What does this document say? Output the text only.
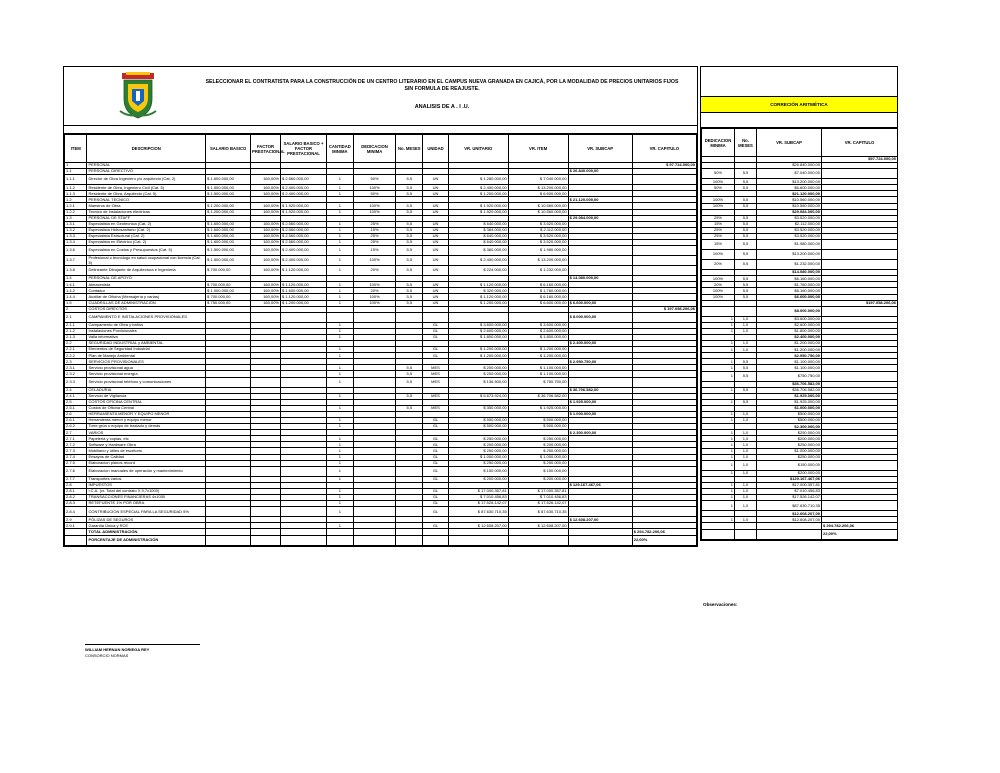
SELECCIONAR EL CONTRATISTA PARA LA CONSTRUCCIÓN DE UN CENTRO LITERARIO EN EL CAMPUS NUEVA GRANADA EN CAJICÁ, POR LA MODALIDAD DE PRECIOS UNITARIOS FIJOS SIN FORMULA DE REAJUSTE.
ANALISIS DE A . I .U.
ITEM	DESCRIPCION	SALARIO BASICO	FACTOR PRESTACIONAL	SALARIO BASICO + FACTOR PRESTACIONAL	CANTIDAD MINIMA	DEDICACION MINIMA	No. MESES	UNIDAD	VR. UNITARIO	VR. ITEM	VR. SUBCAP	VR. CAPITULO
1	PERSONAL											$ 97.724.000,00
1.1	PERSONAL DIRECTIVO										$ 26.840.000,00	
1.1.1	Director de Obra Ingeniero y/o arquitecto (Cat. 2)	$ 1.600.000,00	160,00%	$ 2.560.000,00	1	50%	5,5	UN	$ 1.280.000,00	$ 7.040.000,00		
1.1.2	Residente de Obra, Ingeniero Civil (Cat. 5)	$ 1.500.000,00	160,00%	$ 2.400.000,00	1	100%	5,5	UN	$ 2.400.000,00	$ 13.200.000,00		
1.1.3	Residente de Obra, Arquitecto (Cat. 5)	$ 1.500.000,00	160,00%	$ 2.400.000,00	1	50%	5,5	UN	$ 1.200.000,00	$ 6.600.000,00		
1.2	PERSONAL TECNICO										$ 21.120.000,00	
1.2.1	Maestros de Obra	$ 1.200.000,00	160,00%	$ 1.920.000,00	1	100%	5,5	UN	$ 1.920.000,00	$ 10.560.000,00		
1.2.2	Tecnico de instalaciones electricas	$ 1.200.000,00	160,00%	$ 1.920.000,00	1	100%	5,5	UN	$ 1.920.000,00	$ 10.560.000,00		
1.3	PERSONAL DE STAFF										$ 29.084.000,00	
1.3.1	Especialista en Geotecnica (Cat. 2)	$ 1.600.000,00	160,00%	$ 2.560.000,00	1	25%	5,5	UN	$ 640.000,00	$ 3.520.000,00		
1.3.2	Especialista Hidrosanitario (Cat. 2)	$ 1.600.000,00	160,00%	$ 2.560.000,00	1	15%	5,5	UN	$ 384.000,00	$ 2.112.000,00		
1.3.3	Especialista Estructural (Cat. 2)	$ 1.600.000,00	160,00%	$ 2.560.000,00	1	25%	5,5	UN	$ 640.000,00	$ 3.520.000,00		
1.3.4	Especialista en Eléctrico (Cat. 2)	$ 1.600.000,00	160,00%	$ 2.560.000,00	1	25%	5,5	UN	$ 640.000,00	$ 3.520.000,00		
1.3.6	Especialista en Costos y Presupuestos (Cat. 5)	$ 1.500.000,00	160,00%	$ 2.400.000,00	1	15%	5,5	UN	$ 360.000,00	$ 1.980.000,00		
1.3.7	Profesional o tecnólogo en salud ocupacional con licencia (Cat. 5)	$ 1.500.000,00	160,00%	$ 2.400.000,00	1	100%	5,5	UN	$ 2.400.000,00	$ 13.200.000,00		
1.3.8	Delineante Dibujante de Arquitectura e Ingenieria	$ 700.000,00	160,00%	$ 1.120.000,00	1	20%	5,5	UN	$ 224.000,00	$ 1.232.000,00		
1.4	PERSONAL DE APOYO										$ 14.080.000,00	
1.4.1	Almacenista	$ 700.000,00	160,00%	$ 1.120.000,00	1	100%	5,5	UN	$ 1.120.000,00	$ 6.160.000,00		
1.4.2	Contador	$ 1.000.000,00	160,00%	$ 1.600.000,00	1	20%	5,5	UN	$ 320.000,00	$ 1.760.000,00		
1.4.4	Auxiliar de Oficina (Mensajería y varias)	$ 700.000,00	160,00%	$ 1.120.000,00	1	100%	5,5	UN	$ 1.120.000,00	$ 6.160.000,00		
1.5	CUADRILLAS DE ADMINISTRACIÓN	$ 750.000,00	160,00%	$ 1.200.000,00	1	100%	5,5	UN	$ 1.200.000,00	$ 6.600.000,00	$ 6.600.000,00	
2	COSTOS DIRECTOS											$ 197.058.206,06
2.1	CAMPAMENTO E INSTALACIONES PROVISIONALES										$ 8.000.000,00	
2.1.1	Campamento de Obra y baños				1			GL	$ 3.600.000,00	$ 3.600.000,00		
2.1.2	Instalaciones Provisionales				1			GL	$ 2.600.000,00	$ 2.600.000,00		
2.1.3	Valla informativa				1			GL	$ 1.800.000,00	$ 1.800.000,00		
2.2	SEGURIDAD INDUSTRIAL y AMBIENTAL										$ 2.400.000,00	
2.2.1	Elementos de Seguridad Industrial				1			GL	$ 1.200.000,00	$ 1.200.000,00		
2.2.2	Plan de Manejo Ambiental				1			GL	$ 1.200.000,00	$ 1.200.000,00		
2.3	SERVICIOS PROVISIONALES										$ 2.950.750,00	
2.3.1	Servicio provisional agua				1		5,5	MES	$ 200.000,00	$ 1.100.000,00		
2.3.2	Servicio provisional energía				1		5,5	MES	$ 200.000,00	$ 1.100.000,00		
2.3.3	Servicio provisional teléfono y comunicaciones				1		5,5	MES	$ 136.500,00	$ 750.750,00		
2.4	CELADURIA										$ 36.706.582,00	
2.4.1	Servicio de Vigilancia				1		5,5	MES	$ 6.673.924,00	$ 36.706.582,00		
2.5	COSTOS OFICINA CENTRAL										$ 1.925.000,00	
2.5.1	Costos de Oficina Central				1		5,5	MES	$ 350.000,00	$ 1.925.000,00		
2.6	HERRAMIENTA MENOR Y EQUIPO MENOR										$ 1.000.000,00	
2.6.1	Herramienta menor y equipo menor				1			GL	$ 500.000,00	$ 500.000,00		
2.6.2	Torre grúa o equipo de traslado y demás				1			GL	$ 500.000,00	$ 500.000,00		
2.7	VARIOS										$ 2.300.000,00	
2.7.1	Papeleria y copias, etc				1			GL	$ 250.000,00	$ 250.000,00		
2.7.2	Software y Hardware Obra				1			GL	$ 200.000,00	$ 200.000,00		
2.7.3	Mobiliario y útiles de escritorio				1			GL	$ 250.000,00	$ 250.000,00		
2.7.4	Ensayos de Calidad				1			GL	$ 1.000.000,00	$ 1.000.000,00		
2.7.5	Elaboracion planos récord				1			GL	$ 250.000,00	$ 250.000,00		
2.7.6	Elaboracion manuales de operación y mantenimiento				1			GL	$ 150.000,00	$ 150.000,00		
2.7.7	Transportes varios				1			GL	$ 200.000,00	$ 200.000,00		
2.8	IMPUESTOS										$ 129.167.467,06	
2.8.1	I.C.A. (vr. Total del contrato X 9,7x1000)				1			GL	$ 17.000.357,81	$ 17.000.357,81		
2.8.2	TRANSACCIONES FINANCIERAS 4x1000				1			GL	$ 7.010.456,83	$ 7.010.456,83		
2.8.3	RETEFUENTE 1% POR OBRA				1			GL	$ 17.526.142,07	$ 17.526.142,07		
2.8.4	CONTRIBUCION ESPECIAL PARA LA SEGURIDAD 5%				1			GL	$ 87.630.710,35	$ 87.630.710,35		
2.9	PÓLIZAS DE SEGUROS										$ 12.608.207,00	
2.9.1	Garantía Única y RCE				1			GL	$ 12.608.207,00	$ 12.608.207,00		
	TOTAL ADMINISTRACIÓN											$ 294.782.206,06
	PORCENTAJE DE ADMINISTRACIÓN											22,00%
CORRECIÓN ARITMÉTICA
DEDICACION MINIMA	No. MESES	VR. SUBCAP	VR. CAPITULO
			$97.724.000,00
		$26.840.000,00	
50%	5,5	$7.040.000,00	
100%	5,5	$13.200.000,00	
50%	5,5	$6.600.000,00	
		$21.120.000,00	
100%	5,5	$10.560.000,00	
100%	5,5	$10.560.000,00	
		$29.084.000,00	
25%	5,5	$3.520.000,00	
15%	5,5	$2.112.000,00	
25%	5,5	$3.520.000,00	
25%	5,5	$3.520.000,00	
15%	5,5	$1.980.000,00	
100%	5,5	$13.200.000,00	
20%	5,5	$1.232.000,00	
		$14.080.000,00	
100%	5,5	$6.160.000,00	
20%	5,5	$1.760.000,00	
100%	5,5	$6.160.000,00	
100%	5,5	$6.600.000,00	
			$197.058.206,06
		$8.000.000,00	
1	1,0	$3.600.000,00	
1	1,0	$2.600.000,00	
1	1,0	$1.800.000,00	
		$2.400.000,00	
1	1,0	$1.200.000,00	
1	1,0	$1.200.000,00	
		$2.950.750,00	
1	5,5	$1.100.000,00	
1	5,5	$1.100.000,00	
1	5,5	$750.750,00	
		$36.706.582,00	
1	5,5	$36.706.582,00	
		$1.925.000,00	
1	5,5	$1.925.000,00	
		$1.000.000,00	
1	1,0	$500.000,00	
1	1,0	$500.000,00	
		$2.300.000,00	
1	1,0	$250.000,00	
1	1,0	$200.000,00	
1	1,0	$250.000,00	
1	1,0	$1.000.000,00	
1	1,0	$250.000,00	
1	1,0	$150.000,00	
1	1,0	$200.000,00	
		$129.167.467,06	
1	1,0	$17.000.357,81	
1	1,0	$7.010.456,83	
1	1,0	$17.526.142,07	
1	1,0	$87.630.710,35	
		$12.608.207,00	
1	1,0	$12.608.207,00	
			$ 294.782.206,06
			22,00%
Observaciones:
WILLIAM HERNAN NORIEGA REY
CONSORCIO NORMAS
